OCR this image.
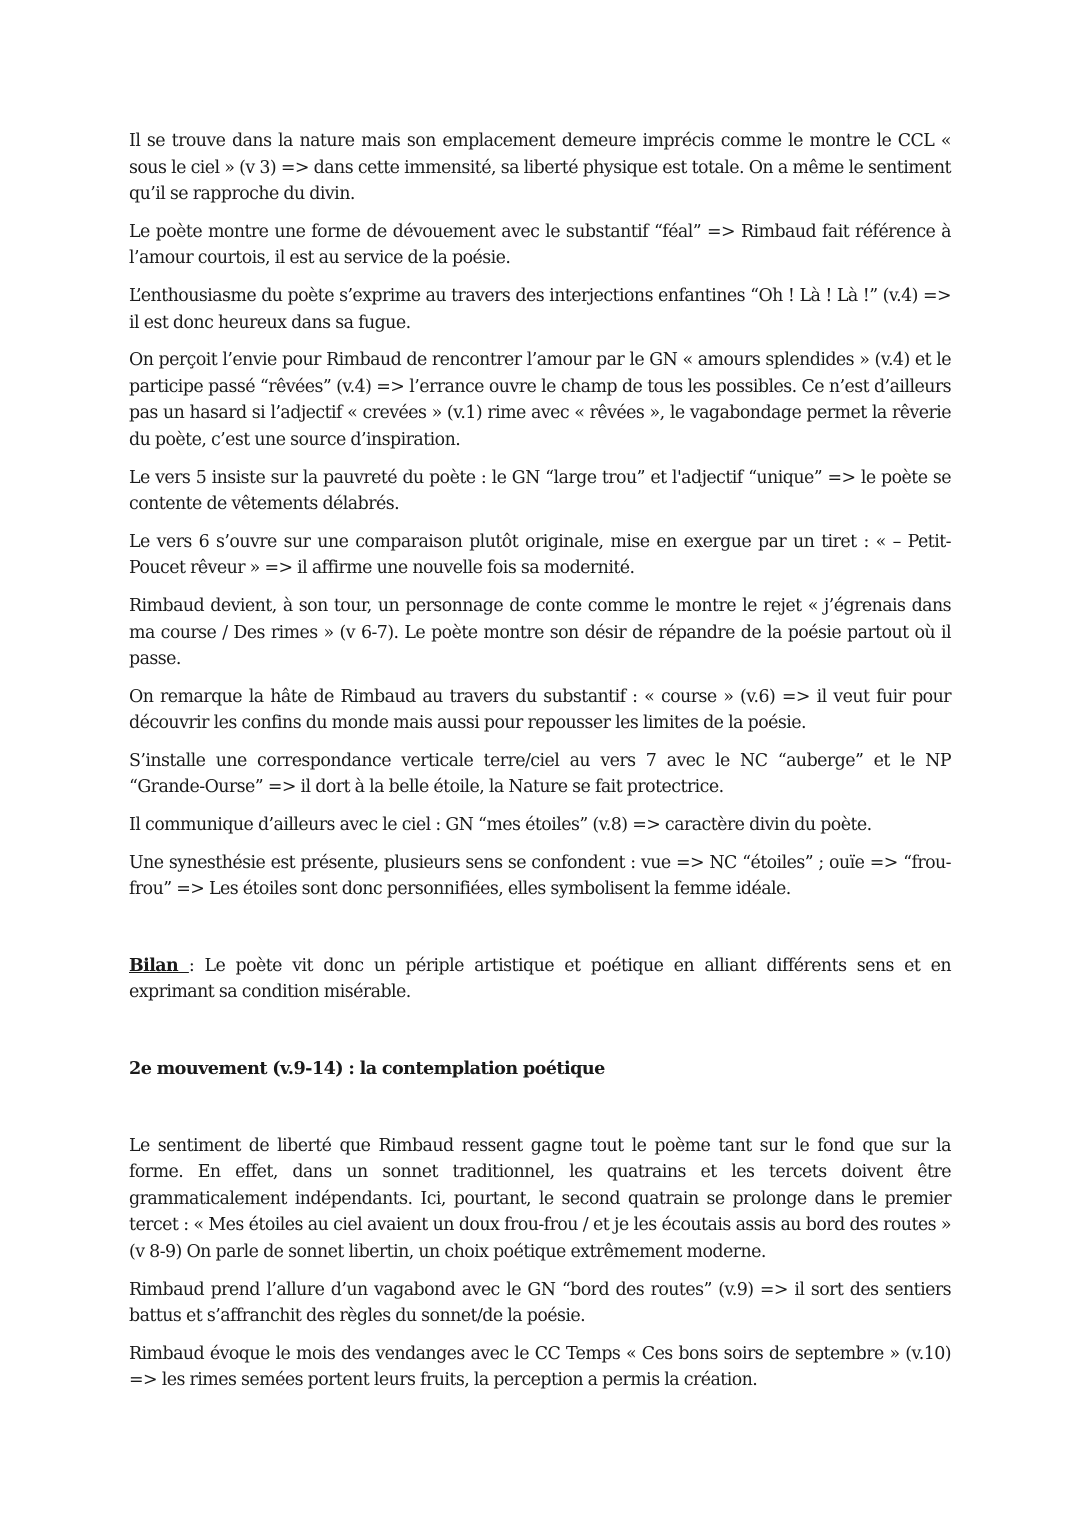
Il se trouve dans la nature mais son emplacement demeure imprécis comme le montre le CCL « sous le ciel » (v 3) => dans cette immensité, sa liberté physique est totale. On a même le sentiment qu’il se rapproche du divin.

Le poète montre une forme de dévouement avec le substantif “féal” => Rimbaud fait référence à l’amour courtois, il est au service de la poésie.

L’enthousiasme du poète s’exprime au travers des interjections enfantines “Oh ! Là ! Là !” (v.4) => il est donc heureux dans sa fugue.

On perçoit l’envie pour Rimbaud de rencontrer l’amour par le GN « amours splendides » (v.4) et le participe passé “rêvées” (v.4) => l’errance ouvre le champ de tous les possibles. Ce n’est d’ailleurs pas un hasard si l’adjectif « crevées » (v.1) rime avec « rêvées », le vagabondage permet la rêverie du poète, c’est une source d’inspiration.

Le vers 5 insiste sur la pauvreté du poète : le GN “large trou” et l'adjectif “unique” => le poète se contente de vêtements délabrés.

Le vers 6 s’ouvre sur une comparaison plutôt originale, mise en exergue par un tiret : « – Petit-Poucet rêveur » => il affirme une nouvelle fois sa modernité.

Rimbaud devient, à son tour, un personnage de conte comme le montre le rejet « j’égrenais dans ma course / Des rimes » (v 6-7). Le poète montre son désir de répandre de la poésie partout où il passe.

On remarque la hâte de Rimbaud au travers du substantif : « course » (v.6) => il veut fuir pour découvrir les confins du monde mais aussi pour repousser les limites de la poésie.

S’installe une correspondance verticale terre/ciel au vers 7 avec le NC “auberge” et le NP “Grande-Ourse” => il dort à la belle étoile, la Nature se fait protectrice.

Il communique d’ailleurs avec le ciel : GN “mes étoiles” (v.8) => caractère divin du poète.

Une synesthésie est présente, plusieurs sens se confondent : vue => NC “étoiles” ; ouïe => “frou-frou” => Les étoiles sont donc personnifiées, elles symbolisent la femme idéale.

Bilan : Le poète vit donc un périple artistique et poétique en alliant différents sens et en exprimant sa condition misérable.

2e mouvement (v.9-14) : la contemplation poétique

Le sentiment de liberté que Rimbaud ressent gagne tout le poème tant sur le fond que sur la forme. En effet, dans un sonnet traditionnel, les quatrains et les tercets doivent être grammaticalement indépendants. Ici, pourtant, le second quatrain se prolonge dans le premier tercet : « Mes étoiles au ciel avaient un doux frou-frou / et je les écoutais assis au bord des routes » (v 8-9) On parle de sonnet libertin, un choix poétique extrêmement moderne.

Rimbaud prend l’allure d’un vagabond avec le GN “bord des routes” (v.9) => il sort des sentiers battus et s’affranchit des règles du sonnet/de la poésie.

Rimbaud évoque le mois des vendanges avec le CC Temps « Ces bons soirs de septembre » (v.10) => les rimes semées portent leurs fruits, la perception a permis la création.
